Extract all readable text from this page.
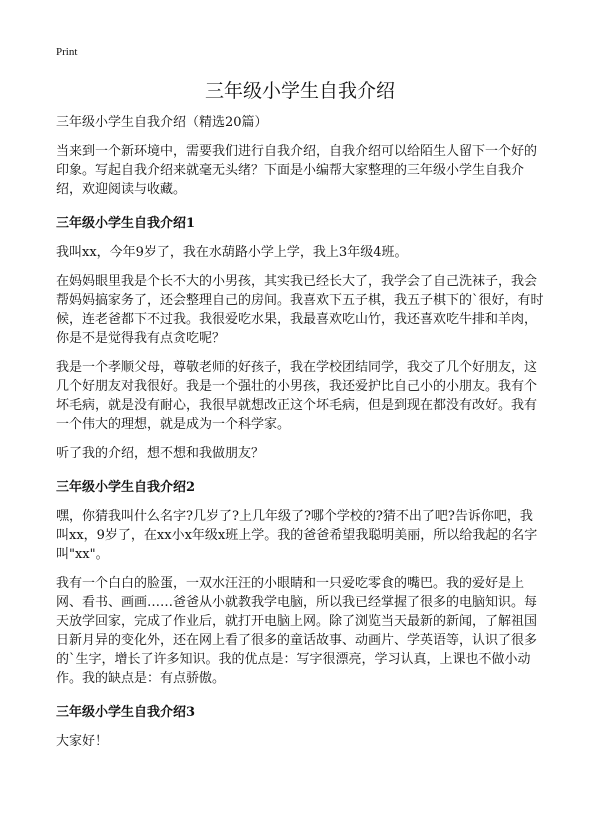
Print
三年级小学生自我介绍

三年级小学生自我介绍（精选20篇）

当来到一个新环境中，需要我们进行自我介绍，自我介绍可以给陌生人留下一个好的印象。写起自我介绍来就毫无头绪？下面是小编帮大家整理的三年级小学生自我介绍，欢迎阅读与收藏。

三年级小学生自我介绍1

我叫xx，今年9岁了，我在水葫路小学上学，我上3年级4班。

在妈妈眼里我是个长不大的小男孩，其实我已经长大了，我学会了自己洗袜子，我会帮妈妈搞家务了，还会整理自己的房间。我喜欢下五子棋，我五子棋下的`很好，有时候，连老爸都下不过我。我很爱吃水果，我最喜欢吃山竹，我还喜欢吃牛排和羊肉，你是不是觉得我有点贪吃呢？

我是一个孝顺父母，尊敬老师的好孩子，我在学校团结同学，我交了几个好朋友，这几个好朋友对我很好。我是一个强壮的小男孩，我还爱护比自己小的小朋友。我有个坏毛病，就是没有耐心，我很早就想改正这个坏毛病，但是到现在都没有改好。我有一个伟大的理想，就是成为一个科学家。

听了我的介绍，想不想和我做朋友？

三年级小学生自我介绍2

嘿，你猜我叫什么名字?几岁了?上几年级了?哪个学校的?猜不出了吧?告诉你吧，我叫xx，9岁了，在xx小x年级x班上学。我的爸爸希望我聪明美丽，所以给我起的名字叫"xx"。

我有一个白白的脸蛋，一双水汪汪的小眼睛和一只爱吃零食的嘴巴。我的爱好是上网、看书、画画……爸爸从小就教我学电脑，所以我已经掌握了很多的电脑知识。每天放学回家，完成了作业后，就打开电脑上网。除了浏览当天最新的新闻，了解祖国日新月异的变化外，还在网上看了很多的童话故事、动画片、学英语等，认识了很多的`生字，增长了许多知识。我的优点是：写字很漂亮，学习认真，上课也不做小动作。我的缺点是：有点骄傲。

三年级小学生自我介绍3

大家好！
